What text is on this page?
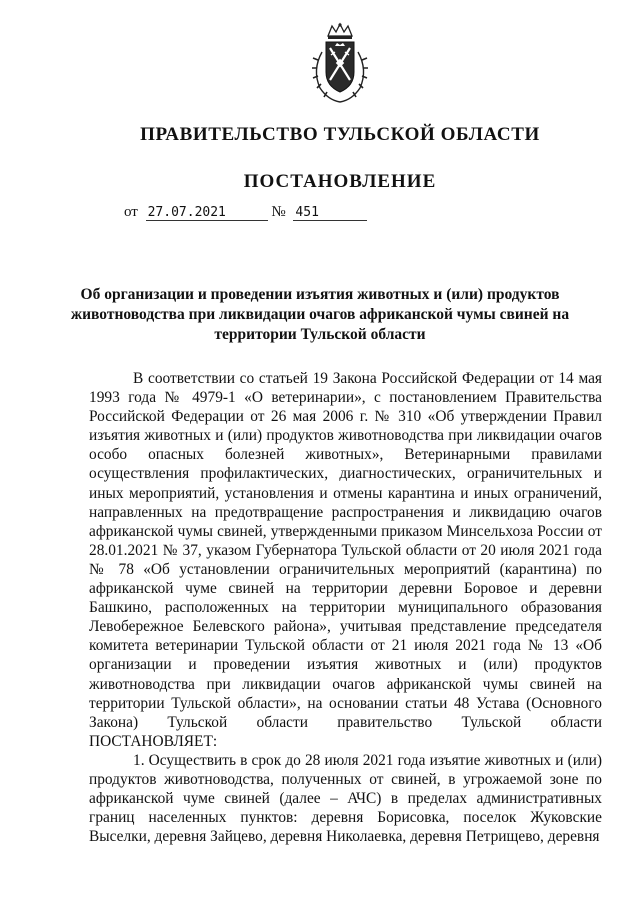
ПРАВИТЕЛЬСТВО ТУЛЬСКОЙ ОБЛАСТИ
ПОСТАНОВЛЕНИЕ
от 27.07.2021	№ 451
Об организации и проведении изъятия животных и (или) продуктов животноводства при ликвидации очагов африканской чумы свиней на территории Тульской области

В соответствии со статьей 19 Закона Российской Федерации от 14 мая 1993 года № 4979-1 «О ветеринарии», с постановлением Правительства Российской Федерации от 26 мая 2006 г. № 310 «Об утверждении Правил изъятия животных и (или) продуктов животноводства при ликвидации очагов особо опасных болезней животных», Ветеринарными правилами осуществления профилактических, диагностических, ограничительных и иных мероприятий, установления и отмены карантина и иных ограничений, направленных на предотвращение распространения и ликвидацию очагов африканской чумы свиней, утвержденными приказом Минсельхоза России от 28.01.2021 № 37, указом Губернатора Тульской области от 20 июля 2021 года № 78 «Об установлении ограничительных мероприятий (карантина) по африканской чуме свиней на территории деревни Боровое и деревни Башкино, расположенных на территории муниципального образования Левобережное Белевского района», учитывая представление председателя комитета ветеринарии Тульской области от 21 июля 2021 года № 13 «Об организации и проведении изъятия животных и (или) продуктов животноводства при ликвидации очагов африканской чумы свиней на территории Тульской области», на основании статьи 48 Устава (Основного Закона) Тульской области правительство Тульской области ПОСТАНОВЛЯЕТ:

1. Осуществить в срок до 28 июля 2021 года изъятие животных и (или) продуктов животноводства, полученных от свиней, в угрожаемой зоне по африканской чуме свиней (далее – АЧС) в пределах административных границ населенных пунктов: деревня Борисовка, поселок Жуковские Выселки, деревня Зайцево, деревня Николаевка, деревня Петрищево, деревня
